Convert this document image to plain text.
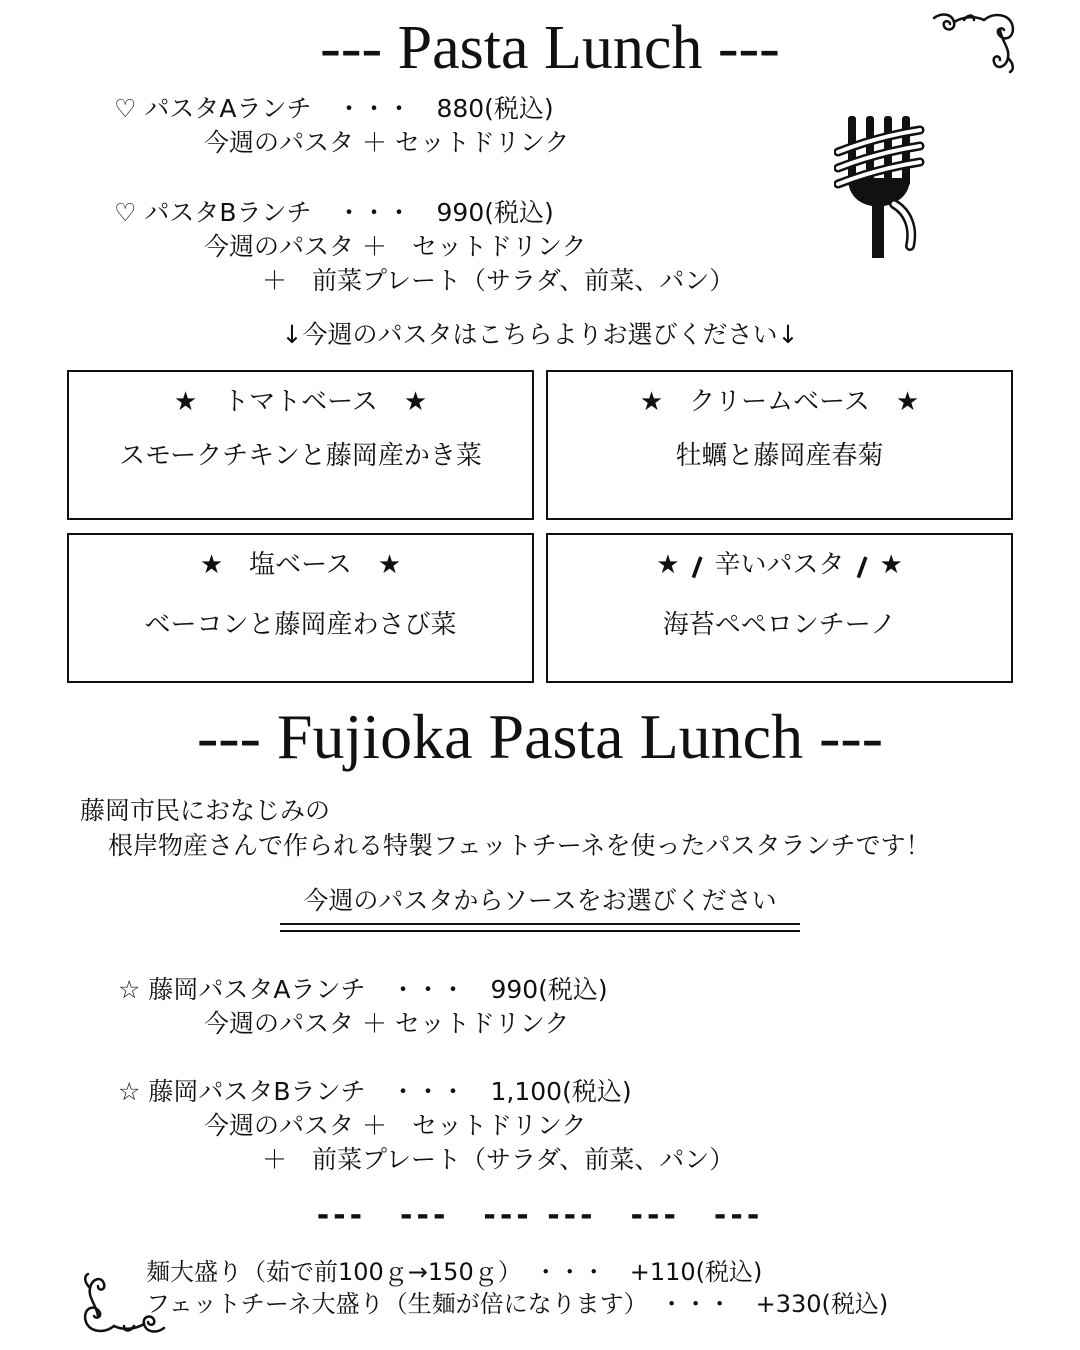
--- Pasta Lunch ---
♡ パスタAランチ　・・・　880(税込)
今週のパスタ ＋ セットドリンク
♡ パスタBランチ　・・・　990(税込)
今週のパスタ ＋　セットドリンク
＋　前菜プレート（サラダ、前菜、パン）
↓今週のパスタはこちらよりお選びください↓
★　トマトベース　★
スモークチキンと藤岡産かき菜
★　クリームベース　★
牡蠣と藤岡産春菊
★　塩ベース　★
ベーコンと藤岡産わさび菜
★ ❙ 辛いパスタ ❙ ★
海苔ペペロンチーノ
--- Fujioka Pasta Lunch ---
藤岡市民におなじみの
根岸物産さんで作られる特製フェットチーネを使ったパスタランチです！
今週のパスタからソースをお選びください
☆ 藤岡パスタAランチ　・・・　990(税込)
今週のパスタ ＋ セットドリンク
☆ 藤岡パスタBランチ　・・・　1,100(税込)
今週のパスタ ＋　セットドリンク
＋　前菜プレート（サラダ、前菜、パン）
---　---　--- ---　---　---
麺大盛り（茹で前100ｇ→150ｇ）　・・・　+110(税込)
フェットチーネ大盛り（生麺が倍になります）　・・・　+330(税込)
